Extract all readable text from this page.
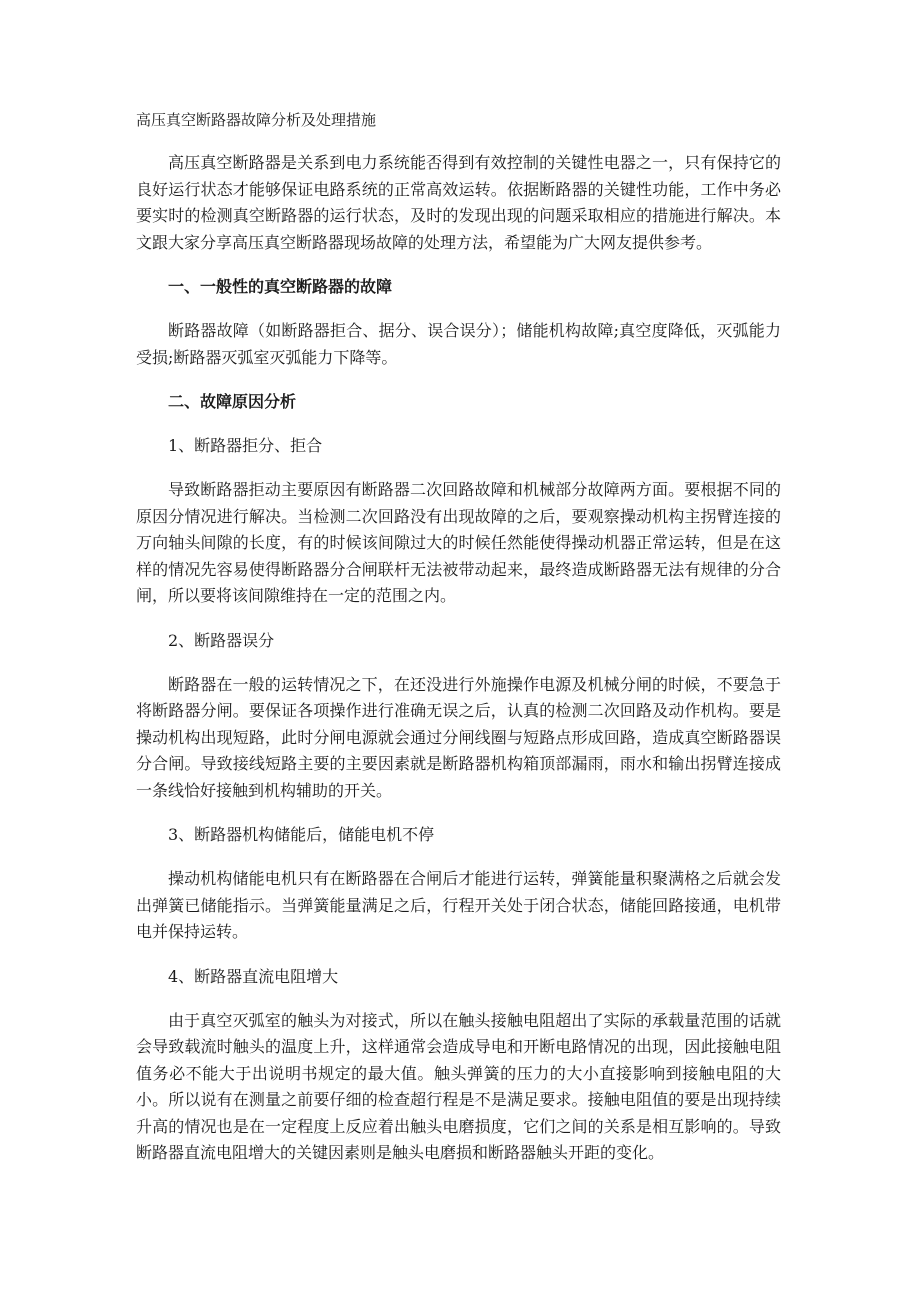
高压真空断路器故障分析及处理措施

高压真空断路器是关系到电力系统能否得到有效控制的关键性电器之一，只有保持它的良好运行状态才能够保证电路系统的正常高效运转。依据断路器的关键性功能，工作中务必要实时的检测真空断路器的运行状态，及时的发现出现的问题采取相应的措施进行解决。本文跟大家分享高压真空断路器现场故障的处理方法，希望能为广大网友提供参考。

一、一般性的真空断路器的故障

断路器故障（如断路器拒合、据分、误合误分）；储能机构故障;真空度降低，灭弧能力受损;断路器灭弧室灭弧能力下降等。

二、故障原因分析
1、断路器拒分、拒合

导致断路器拒动主要原因有断路器二次回路故障和机械部分故障两方面。要根据不同的原因分情况进行解决。当检测二次回路没有出现故障的之后，要观察操动机构主拐臂连接的万向轴头间隙的长度，有的时候该间隙过大的时候任然能使得操动机器正常运转，但是在这样的情况先容易使得断路器分合闸联杆无法被带动起来，最终造成断路器无法有规律的分合闸，所以要将该间隙维持在一定的范围之内。

2、断路器误分

断路器在一般的运转情况之下，在还没进行外施操作电源及机械分闸的时候，不要急于将断路器分闸。要保证各项操作进行准确无误之后，认真的检测二次回路及动作机构。要是操动机构出现短路，此时分闸电源就会通过分闸线圈与短路点形成回路，造成真空断路器误分合闸。导致接线短路主要的主要因素就是断路器机构箱顶部漏雨，雨水和输出拐臂连接成一条线恰好接触到机构辅助的开关。

3、断路器机构储能后，储能电机不停

操动机构储能电机只有在断路器在合闸后才能进行运转，弹簧能量积聚满格之后就会发出弹簧已储能指示。当弹簧能量满足之后，行程开关处于闭合状态，储能回路接通，电机带电并保持运转。

4、断路器直流电阻增大

由于真空灭弧室的触头为对接式，所以在触头接触电阻超出了实际的承载量范围的话就会导致载流时触头的温度上升，这样通常会造成导电和开断电路情况的出现，因此接触电阻值务必不能大于出说明书规定的最大值。触头弹簧的压力的大小直接影响到接触电阻的大小。所以说有在测量之前要仔细的检查超行程是不是满足要求。接触电阻值的要是出现持续升高的情况也是在一定程度上反应着出触头电磨损度，它们之间的关系是相互影响的。导致断路器直流电阻增大的关键因素则是触头电磨损和断路器触头开距的变化。
